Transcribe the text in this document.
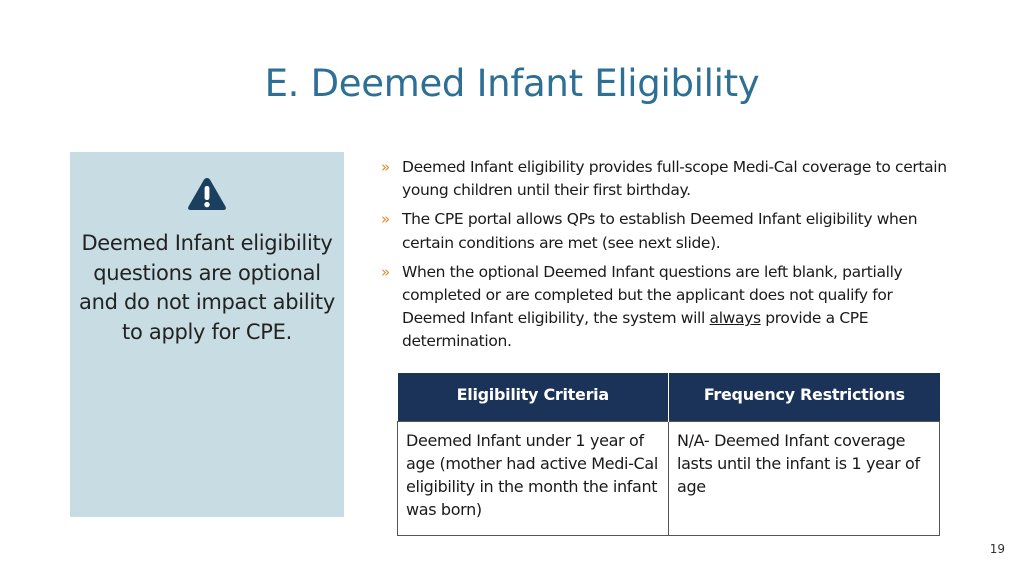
E. Deemed Infant Eligibility
Deemed Infant eligibility questions are optional and do not impact ability to apply for CPE.
» Deemed Infant eligibility provides full-scope Medi-Cal coverage to certain young children until their first birthday.
» The CPE portal allows QPs to establish Deemed Infant eligibility when certain conditions are met (see next slide).
» When the optional Deemed Infant questions are left blank, partially completed or are completed but the applicant does not qualify for Deemed Infant eligibility, the system will always provide a CPE determination.
Eligibility Criteria	Frequency Restrictions
Deemed Infant under 1 year of age (mother had active Medi-Cal eligibility in the month the infant was born)	N/A- Deemed Infant coverage lasts until the infant is 1 year of age
19
